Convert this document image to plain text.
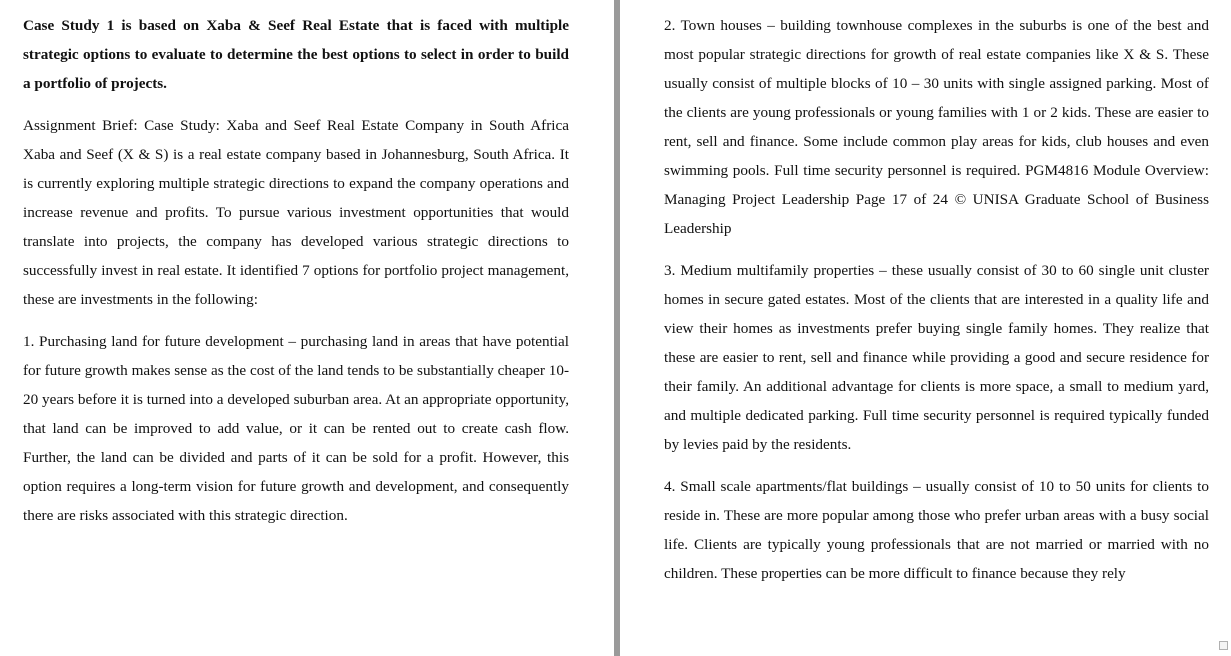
Case Study 1 is based on Xaba & Seef Real Estate that is faced with multiple strategic options to evaluate to determine the best options to select in order to build a portfolio of projects.

Assignment Brief: Case Study: Xaba and Seef Real Estate Company in South Africa Xaba and Seef (X & S) is a real estate company based in Johannesburg, South Africa. It is currently exploring multiple strategic directions to expand the company operations and increase revenue and profits. To pursue various investment opportunities that would translate into projects, the company has developed various strategic directions to successfully invest in real estate. It identified 7 options for portfolio project management, these are investments in the following:

1. Purchasing land for future development – purchasing land in areas that have potential for future growth makes sense as the cost of the land tends to be substantially cheaper 10-20 years before it is turned into a developed suburban area. At an appropriate opportunity, that land can be improved to add value, or it can be rented out to create cash flow. Further, the land can be divided and parts of it can be sold for a profit. However, this option requires a long-term vision for future growth and development, and consequently there are risks associated with this strategic direction.

2. Town houses – building townhouse complexes in the suburbs is one of the best and most popular strategic directions for growth of real estate companies like X & S. These usually consist of multiple blocks of 10 – 30 units with single assigned parking. Most of the clients are young professionals or young families with 1 or 2 kids. These are easier to rent, sell and finance. Some include common play areas for kids, club houses and even swimming pools. Full time security personnel is required. PGM4816 Module Overview: Managing Project Leadership Page 17 of 24 © UNISA Graduate School of Business Leadership

3. Medium multifamily properties – these usually consist of 30 to 60 single unit cluster homes in secure gated estates. Most of the clients that are interested in a quality life and view their homes as investments prefer buying single family homes. They realize that these are easier to rent, sell and finance while providing a good and secure residence for their family. An additional advantage for clients is more space, a small to medium yard, and multiple dedicated parking. Full time security personnel is required typically funded by levies paid by the residents.

4. Small scale apartments/flat buildings – usually consist of 10 to 50 units for clients to reside in. These are more popular among those who prefer urban areas with a busy social life. Clients are typically young professionals that are not married or married with no children. These properties can be more difficult to finance because they rely
